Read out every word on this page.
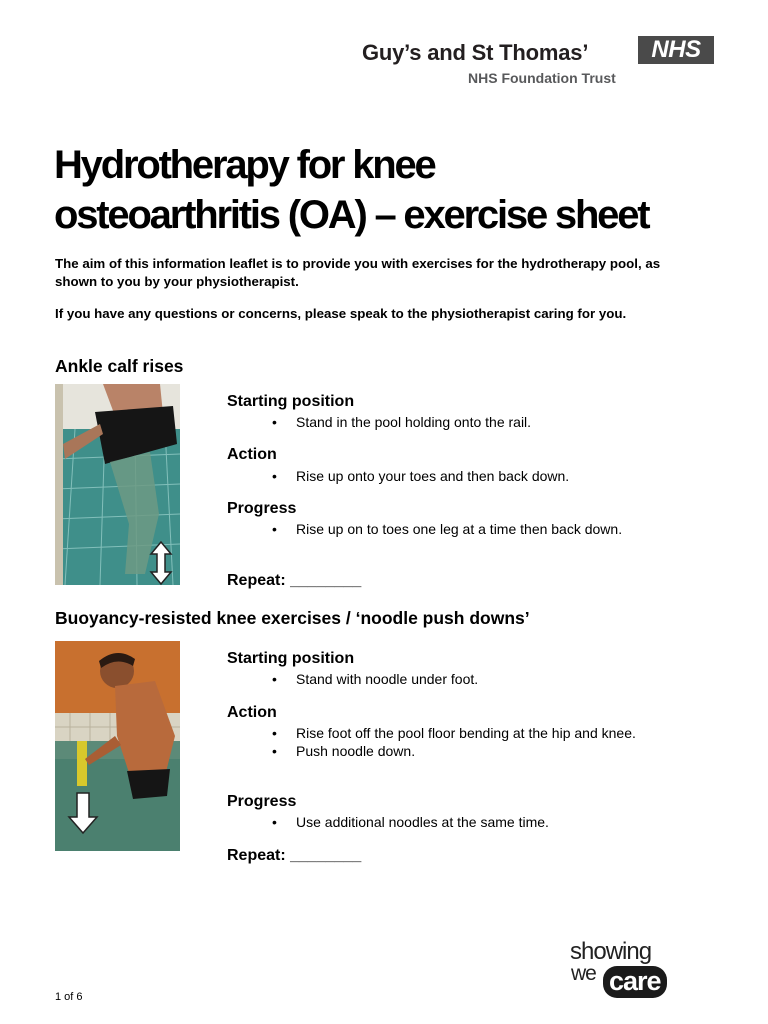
Guy’s and St Thomas’	NHS
NHS Foundation Trust
Hydrotherapy for knee
osteoarthritis (OA) – exercise sheet

The aim of this information leaflet is to provide you with exercises for the hydrotherapy pool, as shown to you by your physiotherapist.

If you have any questions or concerns, please speak to the physiotherapist caring for you.

Ankle calf rises
Starting position
• Stand in the pool holding onto the rail.
Action
• Rise up onto your toes and then back down.
Progress
• Rise up on to toes one leg at a time then back down.
Repeat: ________
Buoyancy-resisted knee exercises / ‘noodle push downs’
Starting position
• Stand with noodle under foot.
Action
• Rise foot off the pool floor bending at the hip and knee.
• Push noodle down.
Progress
• Use additional noodles at the same time.
Repeat: ________
1 of 6
showing
we care
